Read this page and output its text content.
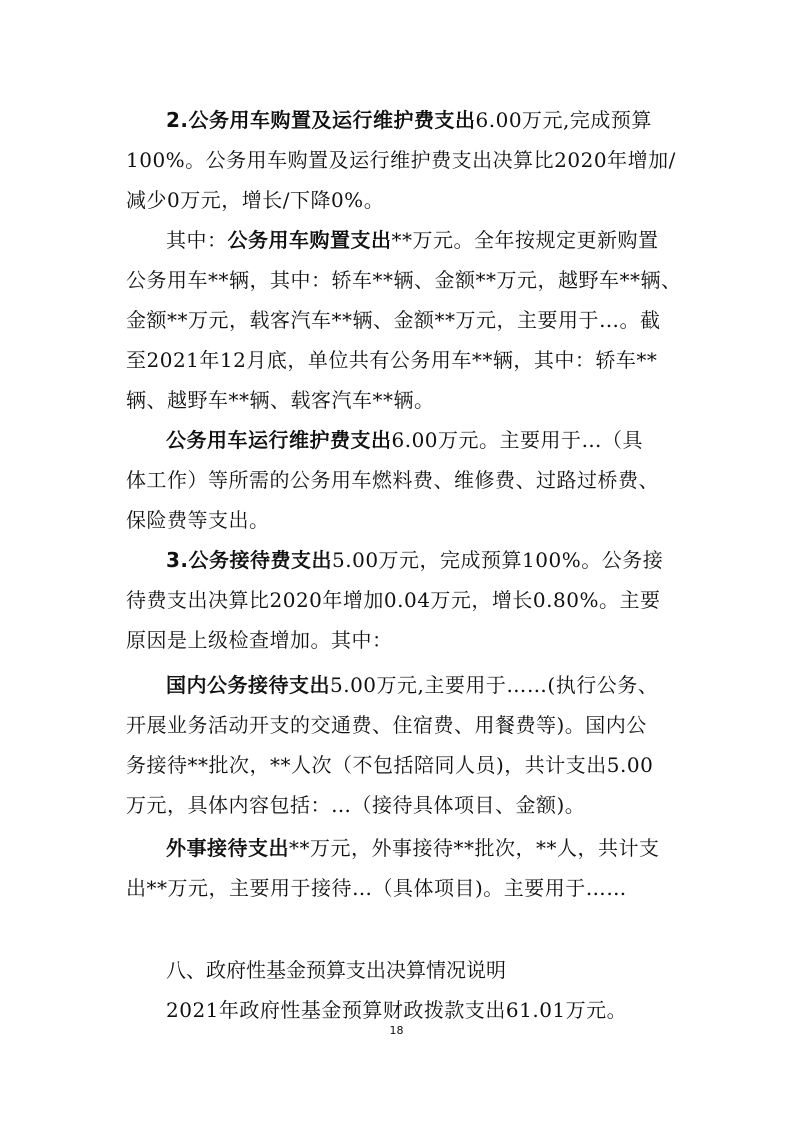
2.公务用车购置及运行维护费支出6.00万元,完成预算
100%。公务用车购置及运行维护费支出决算比2020年增加/
减少0万元，增长/下降0%。
其中：公务用车购置支出**万元。全年按规定更新购置
公务用车**辆，其中：轿车**辆、金额**万元，越野车**辆、
金额**万元，载客汽车**辆、金额**万元，主要用于…。截
至2021年12月底，单位共有公务用车**辆，其中：轿车**
辆、越野车**辆、载客汽车**辆。
公务用车运行维护费支出6.00万元。主要用于…（具
体工作）等所需的公务用车燃料费、维修费、过路过桥费、
保险费等支出。
3.公务接待费支出5.00万元，完成预算100%。公务接
待费支出决算比2020年增加0.04万元，增长0.80%。主要
原因是上级检查增加。其中：
国内公务接待支出5.00万元,主要用于……(执行公务、
开展业务活动开支的交通费、住宿费、用餐费等)。国内公
务接待**批次，**人次（不包括陪同人员)，共计支出5.00
万元，具体内容包括：…（接待具体项目、金额)。
外事接待支出**万元，外事接待**批次，**人，共计支
出**万元，主要用于接待…（具体项目)。主要用于……
八、政府性基金预算支出决算情况说明
2021年政府性基金预算财政拨款支出61.01万元。
18
